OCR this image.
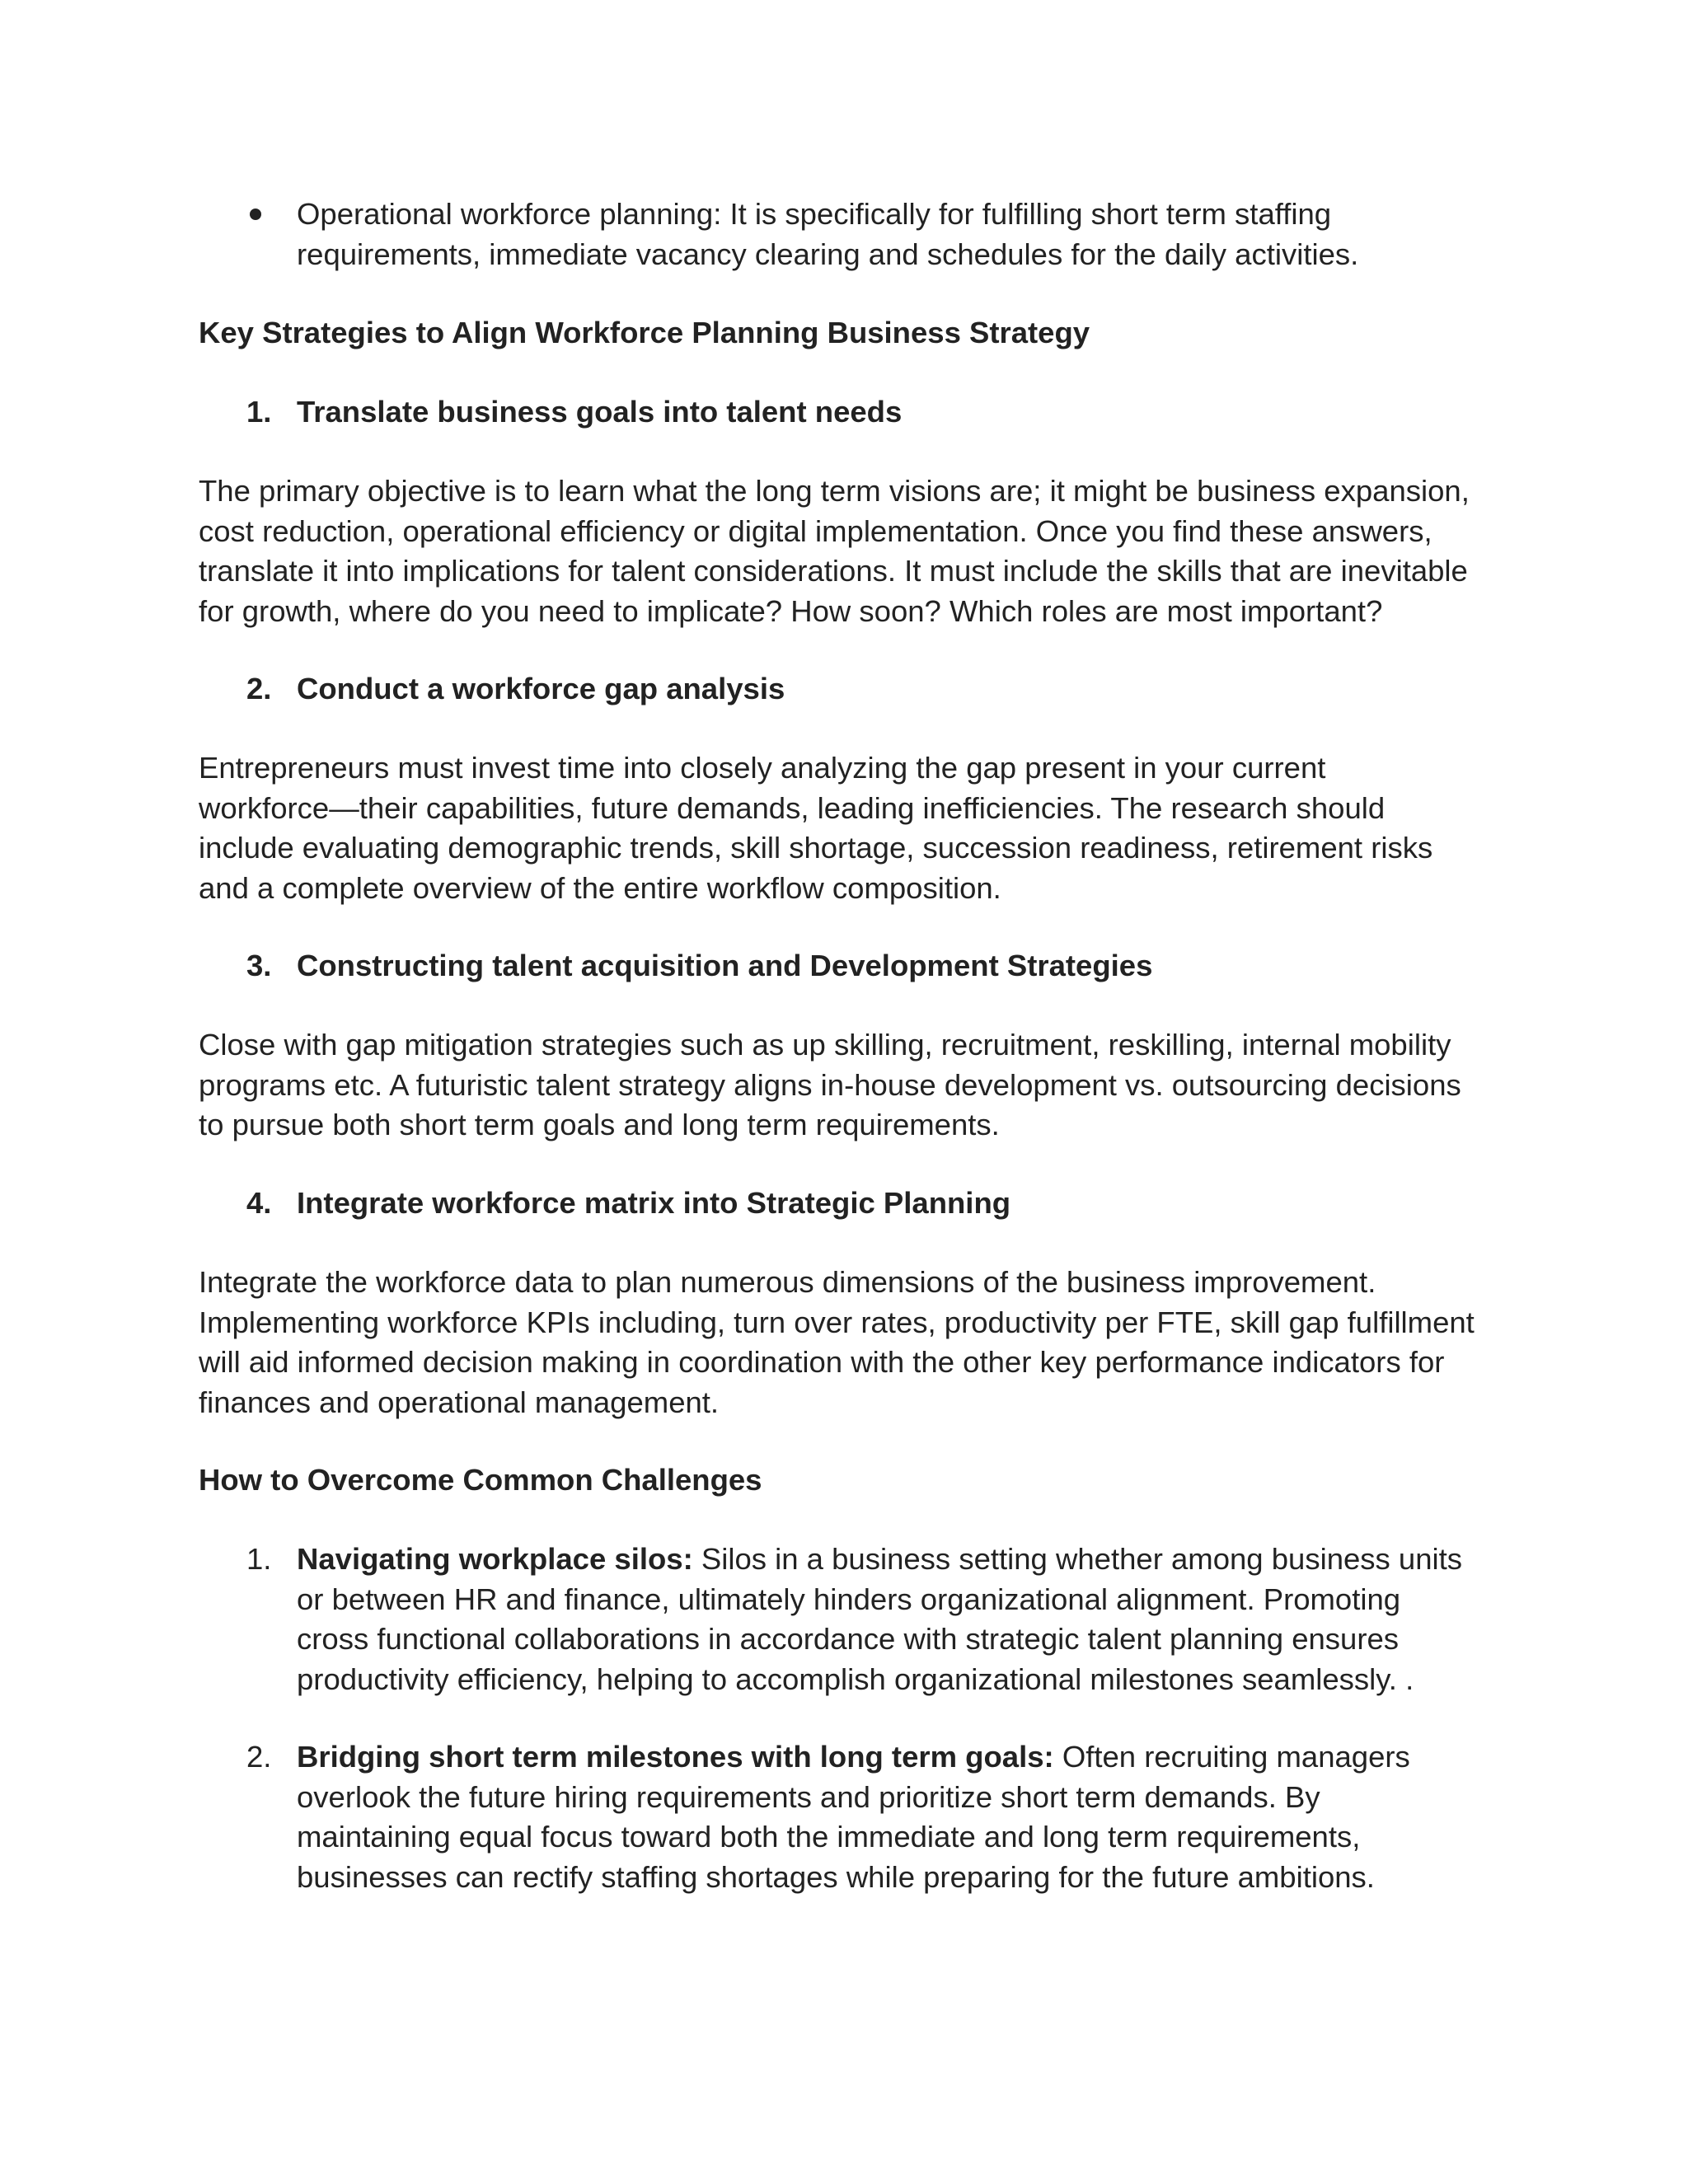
Operational workforce planning: It is specifically for fulfilling short term staffing
requirements, immediate vacancy clearing and schedules for the daily activities.
Key Strategies to Align Workforce Planning Business Strategy
1. Translate business goals into talent needs
The primary objective is to learn what the long term visions are; it might be business expansion,
cost reduction, operational efficiency or digital implementation. Once you find these answers,
translate it into implications for talent considerations. It must include the skills that are inevitable
for growth, where do you need to implicate? How soon? Which roles are most important?
2. Conduct a workforce gap analysis
Entrepreneurs must invest time into closely analyzing the gap present in your current
workforce—their capabilities, future demands, leading inefficiencies. The research should
include evaluating demographic trends, skill shortage, succession readiness, retirement risks
and a complete overview of the entire workflow composition.
3. Constructing talent acquisition and Development Strategies
Close with gap mitigation strategies such as up skilling, recruitment, reskilling, internal mobility
programs etc. A futuristic talent strategy aligns in-house development vs. outsourcing decisions
to pursue both short term goals and long term requirements.
4. Integrate workforce matrix into Strategic Planning
Integrate the workforce data to plan numerous dimensions of the business improvement.
Implementing workforce KPIs including, turn over rates, productivity per FTE, skill gap fulfillment
will aid informed decision making in coordination with the other key performance indicators for
finances and operational management.
How to Overcome Common Challenges
1. Navigating workplace silos: Silos in a business setting whether among business units
or between HR and finance, ultimately hinders organizational alignment. Promoting
cross functional collaborations in accordance with strategic talent planning ensures
productivity efficiency, helping to accomplish organizational milestones seamlessly. .
2. Bridging short term milestones with long term goals: Often recruiting managers
overlook the future hiring requirements and prioritize short term demands. By
maintaining equal focus toward both the immediate and long term requirements,
businesses can rectify staffing shortages while preparing for the future ambitions.
